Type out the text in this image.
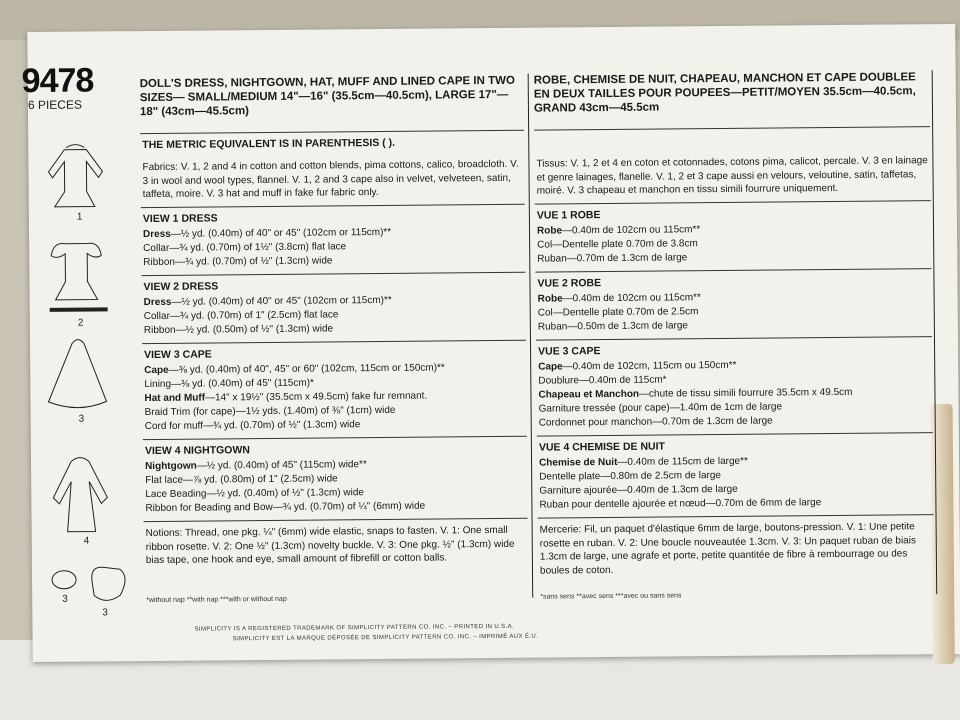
9478
6 PIECES
1
2
3
4
3
3

DOLL'S DRESS, NIGHTGOWN, HAT, MUFF AND LINED CAPE IN TWO SIZES— SMALL/MEDIUM 14"—16" (35.5cm—40.5cm), LARGE 17"—18" (43cm—45.5cm)

THE METRIC EQUIVALENT IS IN PARENTHESIS ( ).
Fabrics: V. 1, 2 and 4 in cotton and cotton blends, pima cottons, calico, broadcloth. V. 3 in wool and wool types, flannel. V. 1, 2 and 3 cape also in velvet, velveteen, satin, taffeta, moire. V. 3 hat and muff in fake fur fabric only.
VIEW 1 DRESS
Dress—½ yd. (0.40m) of 40" or 45" (102cm or 115cm)**
Collar—¾ yd. (0.70m) of 1½" (3.8cm) flat lace
Ribbon—¾ yd. (0.70m) of ½" (1.3cm) wide
VIEW 2 DRESS
Dress—½ yd. (0.40m) of 40" or 45" (102cm or 115cm)**
Collar—¾ yd. (0.70m) of 1" (2.5cm) flat lace
Ribbon—½ yd. (0.50m) of ½" (1.3cm) wide
VIEW 3 CAPE
Cape—⅜ yd. (0.40m) of 40", 45" or 60" (102cm, 115cm or 150cm)**
Lining—⅜ yd. (0.40m) of 45" (115cm)*
Hat and Muff—14" x 19½" (35.5cm x 49.5cm) fake fur remnant.
Braid Trim (for cape)—1½ yds. (1.40m) of ⅜" (1cm) wide
Cord for muff—¾ yd. (0.70m) of ½" (1.3cm) wide
VIEW 4 NIGHTGOWN
Nightgown—½ yd. (0.40m) of 45" (115cm) wide**
Flat lace—⅞ yd. (0.80m) of 1" (2.5cm) wide
Lace Beading—½ yd. (0.40m) of ½" (1.3cm) wide
Ribbon for Beading and Bow—¾ yd. (0.70m) of ¼" (6mm) wide
Notions: Thread, one pkg. ¼" (6mm) wide elastic, snaps to fasten. V. 1: One small ribbon rosette. V. 2: One ½" (1.3cm) novelty buckle. V. 3: One pkg. ½" (1.3cm) wide bias tape, one hook and eye, small amount of fibrefill or cotton balls.
*without nap **with nap ***with or without nap

ROBE, CHEMISE DE NUIT, CHAPEAU, MANCHON ET CAPE DOUBLEE EN DEUX TAILLES POUR POUPEES—PETIT/MOYEN 35.5cm—40.5cm, GRAND 43cm—45.5cm

Tissus: V. 1, 2 et 4 en coton et cotonnades, cotons pima, calicot, percale. V. 3 en lainage et genre lainages, flanelle. V. 1, 2 et 3 cape aussi en velours, veloutine, satin, taffetas, moiré. V. 3 chapeau et manchon en tissu simili fourrure uniquement.
VUE 1 ROBE
Robe—0.40m de 102cm ou 115cm**
Col—Dentelle plate 0.70m de 3.8cm
Ruban—0.70m de 1.3cm de large
VUE 2 ROBE
Robe—0.40m de 102cm ou 115cm**
Col—Dentelle plate 0.70m de 2.5cm
Ruban—0.50m de 1.3cm de large
VUE 3 CAPE
Cape—0.40m de 102cm, 115cm ou 150cm**
Doublure—0.40m de 115cm*
Chapeau et Manchon—chute de tissu simili fourrure 35.5cm x 49.5cm
Garniture tressée (pour cape)—1.40m de 1cm de large
Cordonnet pour manchon—0.70m de 1.3cm de large
VUE 4 CHEMISE DE NUIT
Chemise de Nuit—0.40m de 115cm de large**
Dentelle plate—0.80m de 2.5cm de large
Garniture ajourée—0.40m de 1.3cm de large
Ruban pour dentelle ajourée et nœud—0.70m de 6mm de large
Mercerie: Fil, un paquet d'élastique 6mm de large, boutons-pression. V. 1: Une petite rosette en ruban. V. 2: Une boucle nouveautée 1.3cm. V. 3: Un paquet ruban de biais 1.3cm de large, une agrafe et porte, petite quantitée de fibre à rembourrage ou des boules de coton.
*sans sens **avec sens ***avec ou sans sens
SIMPLICITY IS A REGISTERED TRADEMARK OF SIMPLICITY PATTERN CO. INC. – PRINTED IN U.S.A.
SIMPLICITY EST LA MARQUE DÉPOSÉE DE SIMPLICITY PATTERN CO. INC. – IMPRIMÉ AUX É.U.
